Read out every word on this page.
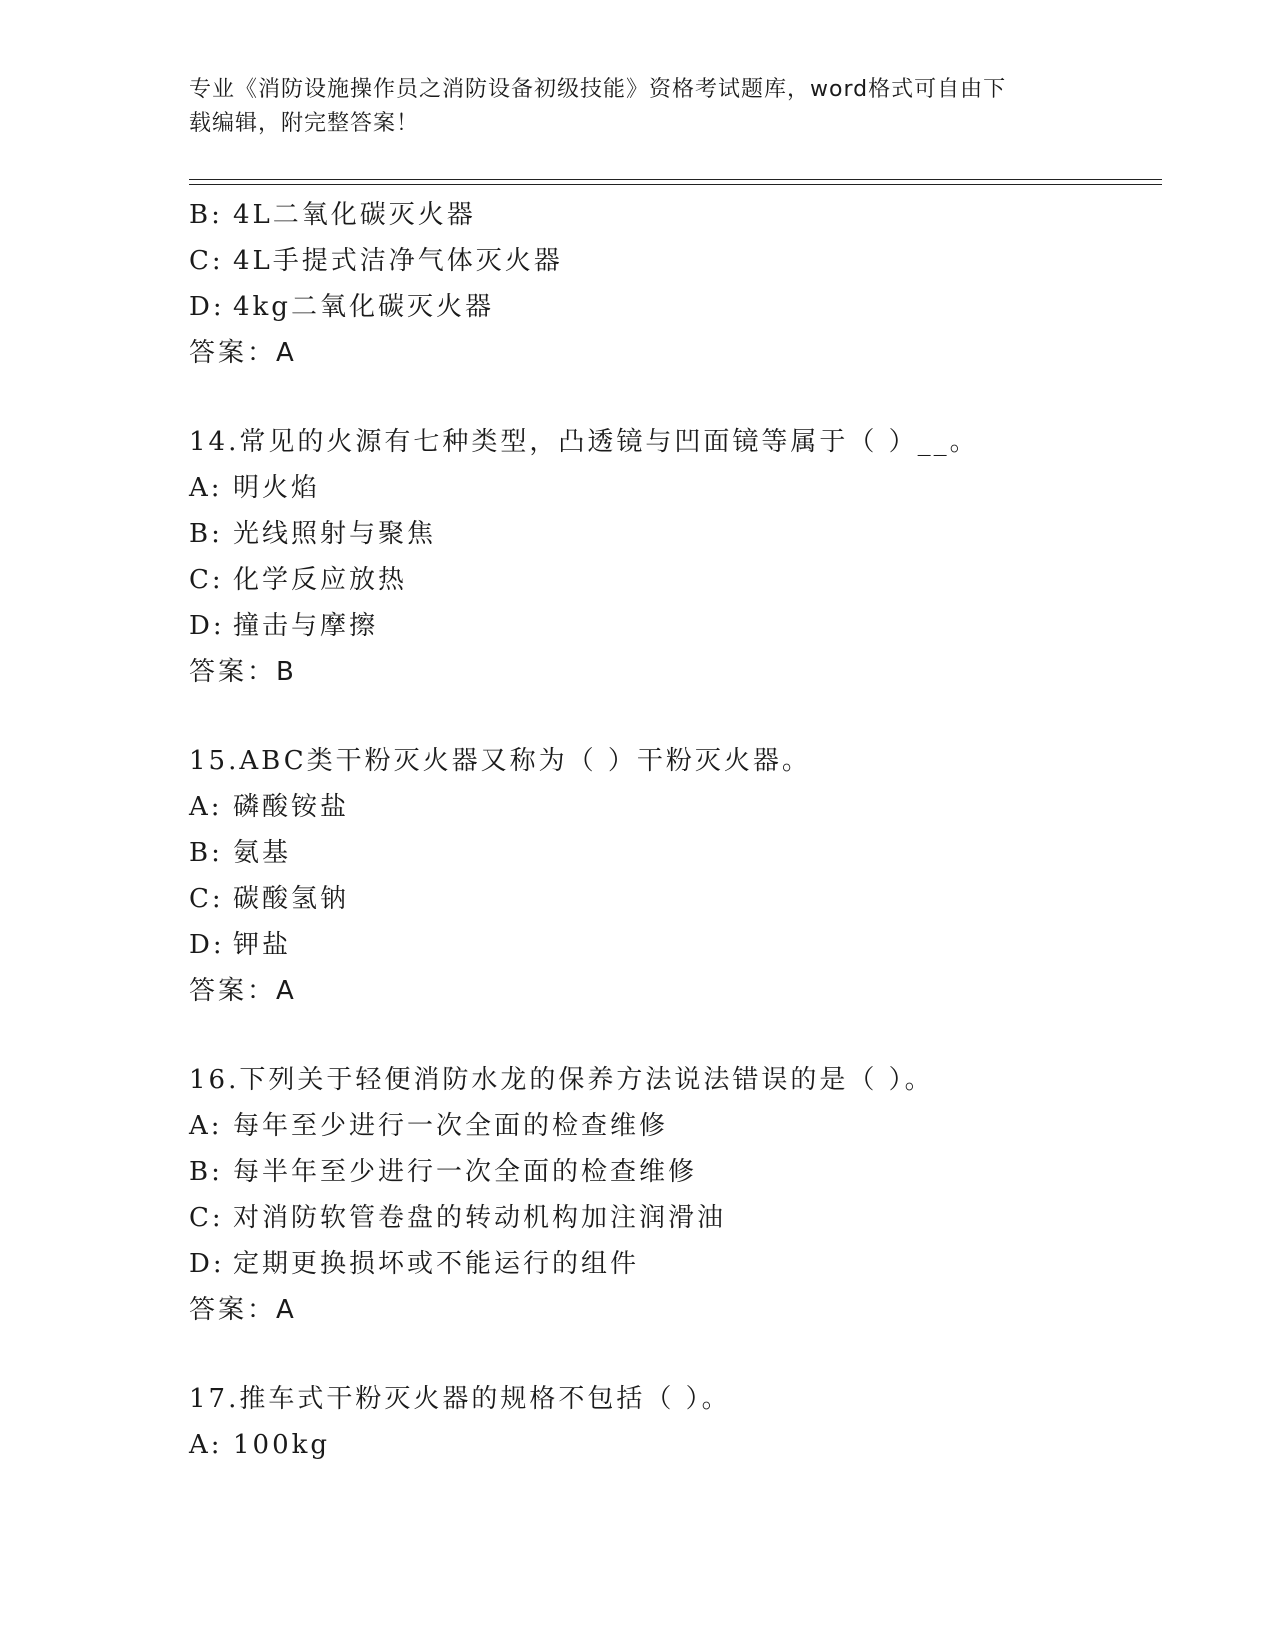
专业《消防设施操作员之消防设备初级技能》资格考试题库，word格式可自由下
载编辑，附完整答案！
B: 4L二氧化碳灭火器
C: 4L手提式洁净气体灭火器
D: 4kg二氧化碳灭火器
答案：A
14.常见的火源有七种类型，凸透镜与凹面镜等属于（ ）__。
A: 明火焰
B: 光线照射与聚焦
C: 化学反应放热
D: 撞击与摩擦
答案：B
15.ABC类干粉灭火器又称为（ ）干粉灭火器。
A: 磷酸铵盐
B: 氨基
C: 碳酸氢钠
D: 钾盐
答案：A
16.下列关于轻便消防水龙的保养方法说法错误的是（ ）。
A: 每年至少进行一次全面的检查维修
B: 每半年至少进行一次全面的检查维修
C: 对消防软管卷盘的转动机构加注润滑油
D: 定期更换损坏或不能运行的组件
答案：A
17.推车式干粉灭火器的规格不包括（ ）。
A: 100kg
